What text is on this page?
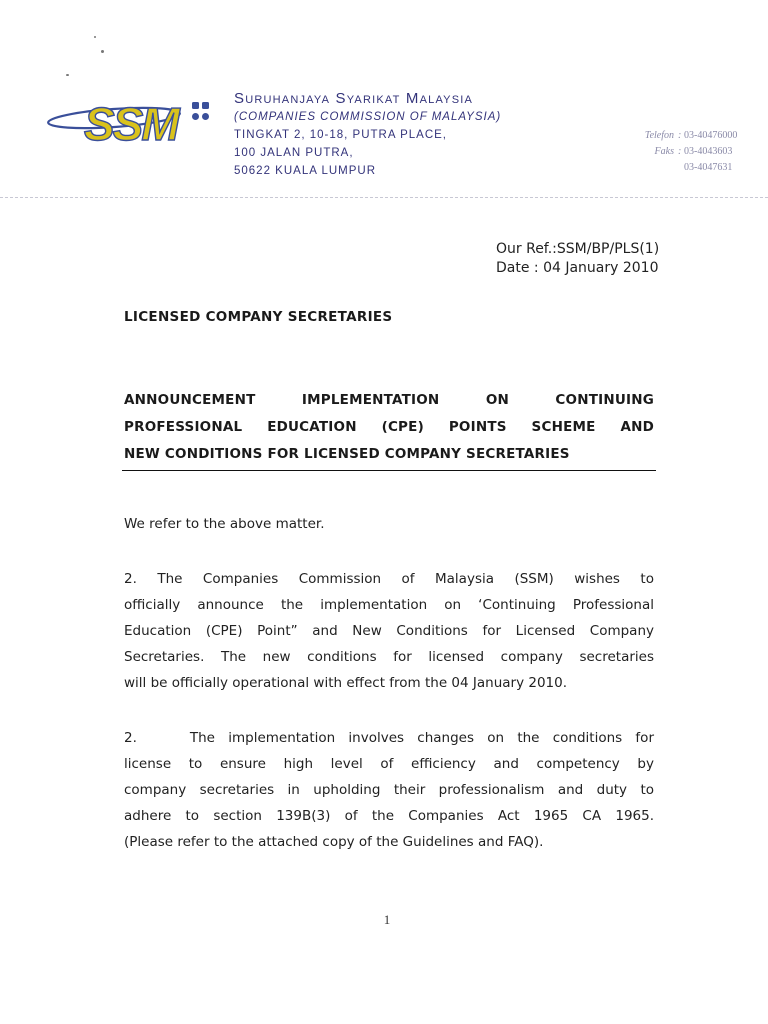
SSM	Suruhanjaya Syarikat Malaysia
(COMPANIES COMMISSION OF MALAYSIA)
TINGKAT 2, 10-18, PUTRA PLACE,
100 JALAN PUTRA,
50622 KUALA LUMPUR
Telefon : 03-40476000
Faks : 03-4043603
03-4047631
Our Ref.:SSM/BP/PLS(1)
Date : 04 January 2010
LICENSED COMPANY SECRETARIES
ANNOUNCEMENT IMPLEMENTATION ON CONTINUING
PROFESSIONAL EDUCATION (CPE) POINTS SCHEME AND
NEW CONDITIONS FOR LICENSED COMPANY SECRETARIES
We refer to the above matter.
2. The Companies Commission of Malaysia (SSM) wishes to
officially announce the implementation on ‘Continuing Professional
Education (CPE) Point” and New Conditions for Licensed Company
Secretaries. The new conditions for licensed company secretaries
will be officially operational with effect from the 04 January 2010.
2.    The implementation involves changes on the conditions for
license to ensure high level of efficiency and competency by
company secretaries in upholding their professionalism and duty to
adhere to section 139B(3) of the Companies Act 1965 CA 1965.
(Please refer to the attached copy of the Guidelines and FAQ).
1
